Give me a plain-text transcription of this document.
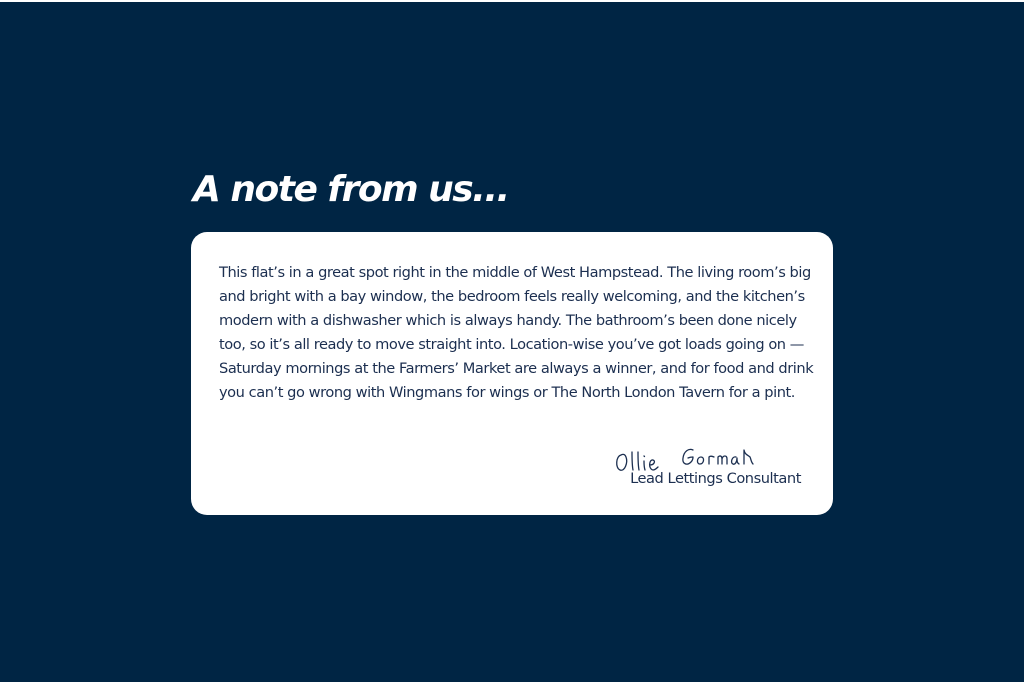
A note from us...

This flat’s in a great spot right in the middle of West Hampstead. The living room’s big and bright with a bay window, the bedroom feels really welcoming, and the kitchen’s modern with a dishwasher which is always handy. The bathroom’s been done nicely too, so it’s all ready to move straight into. Location-wise you’ve got loads going on — Saturday mornings at the Farmers’ Market are always a winner, and for food and drink you can’t go wrong with Wingmans for wings or The North London Tavern for a pint.

Lead Lettings Consultant
